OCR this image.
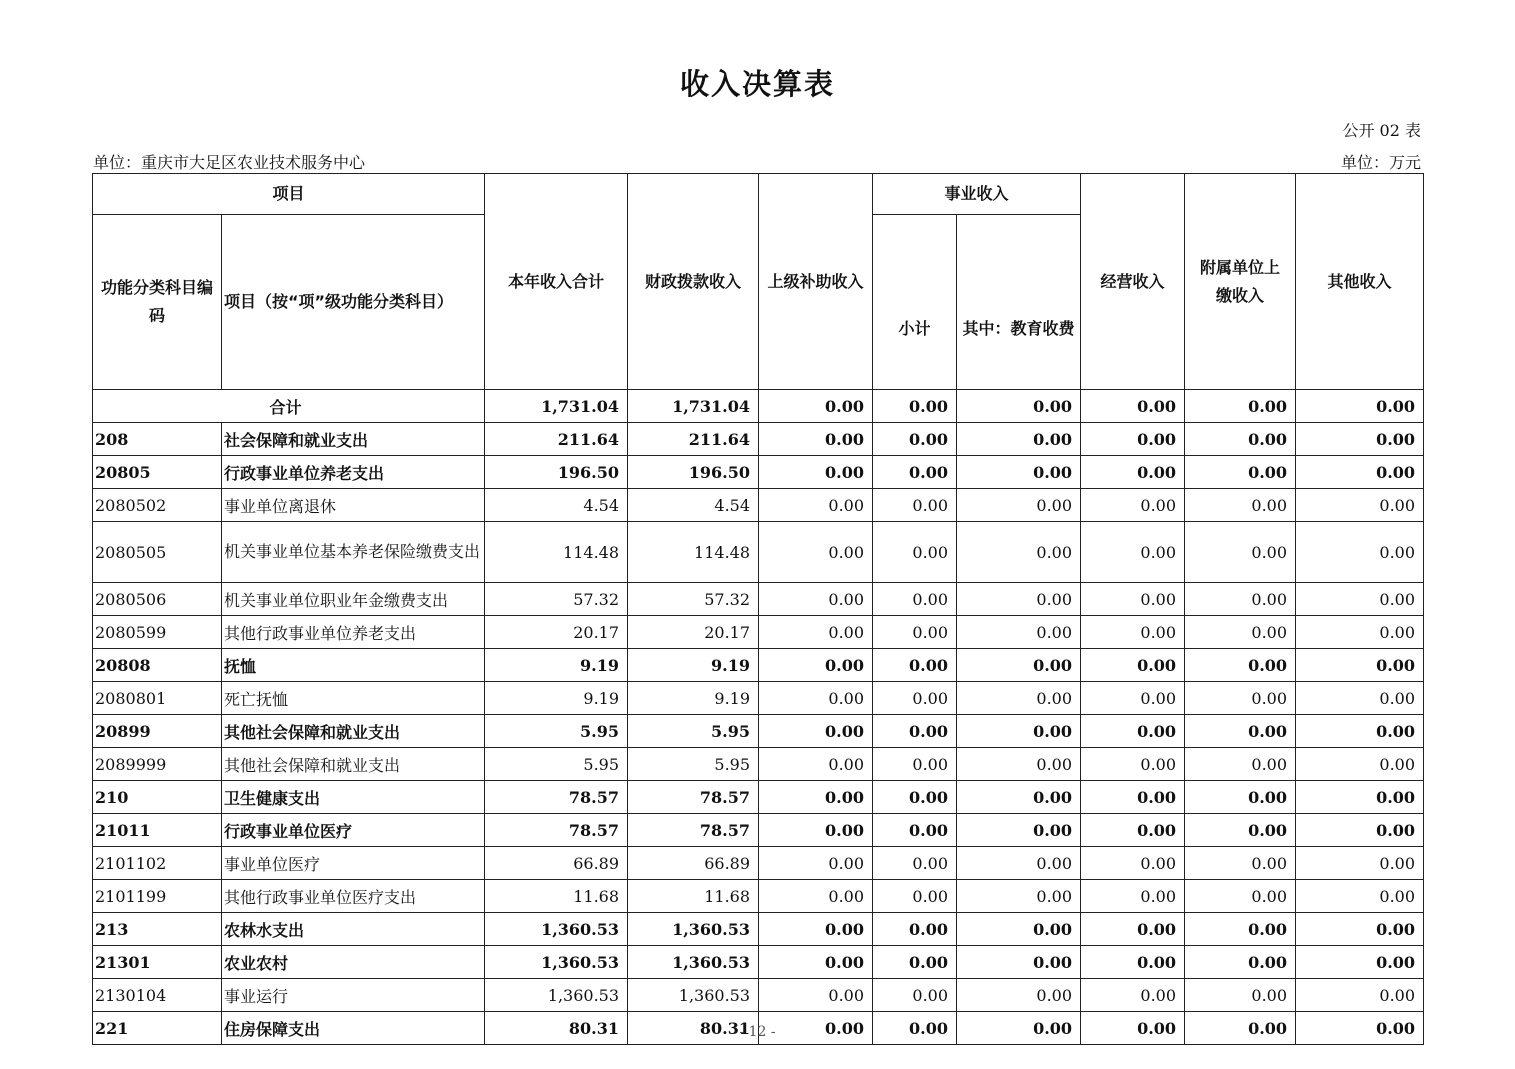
收入决算表
公开 02 表
单位：重庆市大足区农业技术服务中心	单位：万元
项目		本年收入合计	财政拨款收入	上级补助收入	事业收入		经营收入	附属单位上缴收入	其他收入
功能分类科目编码	项目（按“项”级功能分类科目）				小计	其中：教育收费			
合计		1,731.04	1,731.04	0.00	0.00	0.00	0.00	0.00	0.00
208	社会保障和就业支出	211.64	211.64	0.00	0.00	0.00	0.00	0.00	0.00
20805	行政事业单位养老支出	196.50	196.50	0.00	0.00	0.00	0.00	0.00	0.00
2080502	事业单位离退休	4.54	4.54	0.00	0.00	0.00	0.00	0.00	0.00
2080505	机关事业单位基本养老保险缴费支出	114.48	114.48	0.00	0.00	0.00	0.00	0.00	0.00
2080506	机关事业单位职业年金缴费支出	57.32	57.32	0.00	0.00	0.00	0.00	0.00	0.00
2080599	其他行政事业单位养老支出	20.17	20.17	0.00	0.00	0.00	0.00	0.00	0.00
20808	抚恤	9.19	9.19	0.00	0.00	0.00	0.00	0.00	0.00
2080801	死亡抚恤	9.19	9.19	0.00	0.00	0.00	0.00	0.00	0.00
20899	其他社会保障和就业支出	5.95	5.95	0.00	0.00	0.00	0.00	0.00	0.00
2089999	其他社会保障和就业支出	5.95	5.95	0.00	0.00	0.00	0.00	0.00	0.00
210	卫生健康支出	78.57	78.57	0.00	0.00	0.00	0.00	0.00	0.00
21011	行政事业单位医疗	78.57	78.57	0.00	0.00	0.00	0.00	0.00	0.00
2101102	事业单位医疗	66.89	66.89	0.00	0.00	0.00	0.00	0.00	0.00
2101199	其他行政事业单位医疗支出	11.68	11.68	0.00	0.00	0.00	0.00	0.00	0.00
213	农林水支出	1,360.53	1,360.53	0.00	0.00	0.00	0.00	0.00	0.00
21301	农业农村	1,360.53	1,360.53	0.00	0.00	0.00	0.00	0.00	0.00
2130104	事业运行	1,360.53	1,360.53	0.00	0.00	0.00	0.00	0.00	0.00
221	住房保障支出	80.31	80.31	0.00	0.00	0.00	0.00	0.00	0.00
- 12 -
